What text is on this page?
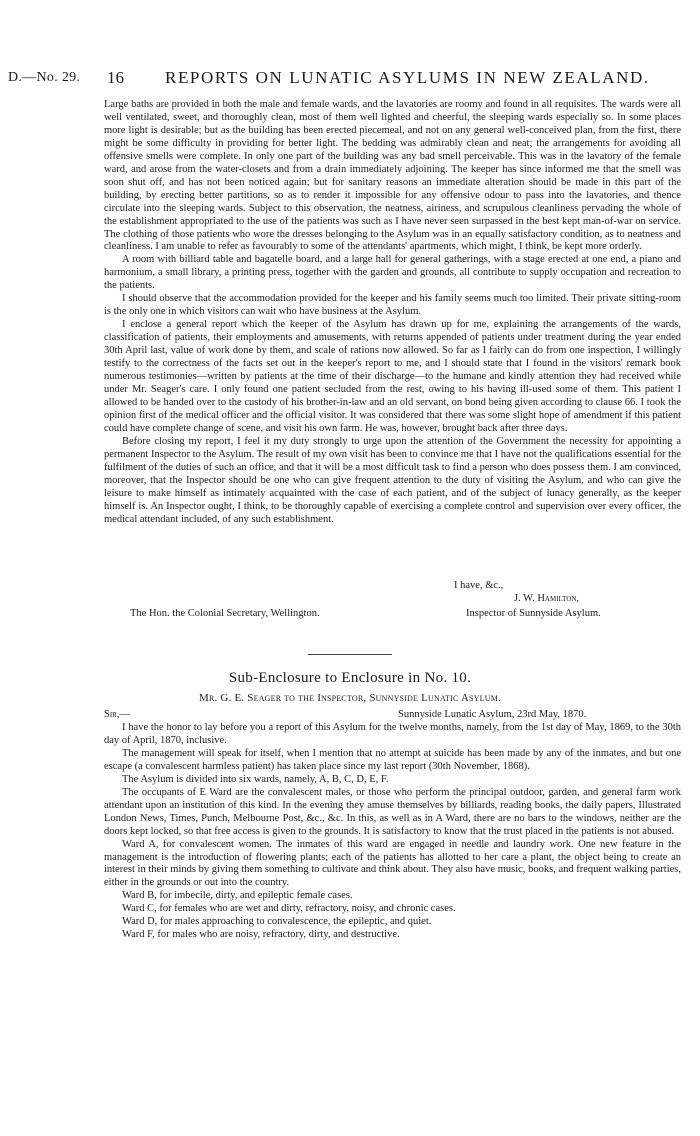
D.—No. 29. 16 REPORTS ON LUNATIC ASYLUMS IN NEW ZEALAND.

Large baths are provided in both the male and female wards, and the lavatories are roomy and found in all requisites. The wards were all well ventilated, sweet, and thoroughly clean, most of them well lighted and cheerful, the sleeping wards especially so. In some places more light is desirable; but as the building has been erected piecemeal, and not on any general well-conceived plan, from the first, there might be some difficulty in providing for better light. The bedding was admirably clean and neat; the arrangements for avoiding all offensive smells were complete. In only one part of the building was any bad smell perceivable. This was in the lavatory of the female ward, and arose from the water-closets and from a drain immediately adjoining. The keeper has since informed me that the smell was soon shut off, and has not been noticed again; but for sanitary reasons an immediate alteration should be made in this part of the building, by erecting better partitions, so as to render it impossible for any offensive odour to pass into the lavatories, and thence circulate into the sleeping wards. Subject to this observation, the neatness, airiness, and scrupulous cleanliness pervading the whole of the establishment appropriated to the use of the patients was such as I have never seen surpassed in the best kept man-of-war on service. The clothing of those patients who wore the dresses belonging to the Asylum was in an equally satisfactory condition, as to neatness and cleanliness. I am unable to refer as favourably to some of the attendants' apartments, which might, I think, be kept more orderly.

A room with billiard table and bagatelle board, and a large hall for general gatherings, with a stage erected at one end, a piano and harmonium, a small library, a printing press, together with the garden and grounds, all contribute to supply occupation and recreation to the patients.

I should observe that the accommodation provided for the keeper and his family seems much too limited. Their private sitting-room is the only one in which visitors can wait who have business at the Asylum.

I enclose a general report which the keeper of the Asylum has drawn up for me, explaining the arrangements of the wards, classification of patients, their employments and amusements, with returns appended of patients under treatment during the year ended 30th April last, value of work done by them, and scale of rations now allowed. So far as I fairly can do from one inspection, I willingly testify to the correctness of the facts set out in the keeper's report to me, and I should state that I found in the visitors' remark book numerous testimonies—written by patients at the time of their discharge—to the humane and kindly attention they had received while under Mr. Seager's care. I only found one patient secluded from the rest, owing to his having ill-used some of them. This patient I allowed to be handed over to the custody of his brother-in-law and an old servant, on bond being given according to clause 66. I took the opinion first of the medical officer and the official visitor. It was considered that there was some slight hope of amendment if this patient could have complete change of scene, and visit his own farm. He was, however, brought back after three days.

Before closing my report, I feel it my duty strongly to urge upon the attention of the Government the necessity for appointing a permanent Inspector to the Asylum. The result of my own visit has been to convince me that I have not the qualifications essential for the fulfilment of the duties of such an office, and that it will be a most difficult task to find a person who does possess them. I am convinced, moreover, that the Inspector should be one who can give frequent attention to the duty of visiting the Asylum, and who can give the leisure to make himself as intimately acquainted with the case of each patient, and of the subject of lunacy generally, as the keeper himself is. An Inspector ought, I think, to be thoroughly capable of exercising a complete control and supervision over every officer, the medical attendant included, of any such establishment.

I have, &c.,
J. W. Hamilton,
The Hon. the Colonial Secretary, Wellington.	Inspector of Sunnyside Asylum.
Sub-Enclosure to Enclosure in No. 10.
Mr. G. E. Seager to the Inspector, Sunnyside Lunatic Asylum.
Sir,—	Sunnyside Lunatic Asylum, 23rd May, 1870.

I have the honor to lay before you a report of this Asylum for the twelve months, namely, from the 1st day of May, 1869, to the 30th day of April, 1870, inclusive.

The management will speak for itself, when I mention that no attempt at suicide has been made by any of the inmates, and but one escape (a convalescent harmless patient) has taken place since my last report (30th November, 1868).

The Asylum is divided into six wards, namely, A, B, C, D, E, F.

The occupants of E Ward are the convalescent males, or those who perform the principal outdoor, garden, and general farm work attendant upon an institution of this kind. In the evening they amuse themselves by billiards, reading books, the daily papers, Illustrated London News, Times, Punch, Melbourne Post, &c., &c. In this, as well as in A Ward, there are no bars to the windows, neither are the doors kept locked, so that free access is given to the grounds. It is satisfactory to know that the trust placed in the patients is not abused.

Ward A, for convalescent women. The inmates of this ward are engaged in needle and laundry work. One new feature in the management is the introduction of flowering plants; each of the patients has allotted to her care a plant, the object being to create an interest in their minds by giving them something to cultivate and think about. They also have music, books, and frequent walking parties, either in the grounds or out into the country.

Ward B, for imbecile, dirty, and epileptic female cases.

Ward C, for females who are wet and dirty, refractory, noisy, and chronic cases.

Ward D, for males approaching to convalescence, the epileptic, and quiet.

Ward F, for males who are noisy, refractory, dirty, and destructive.
